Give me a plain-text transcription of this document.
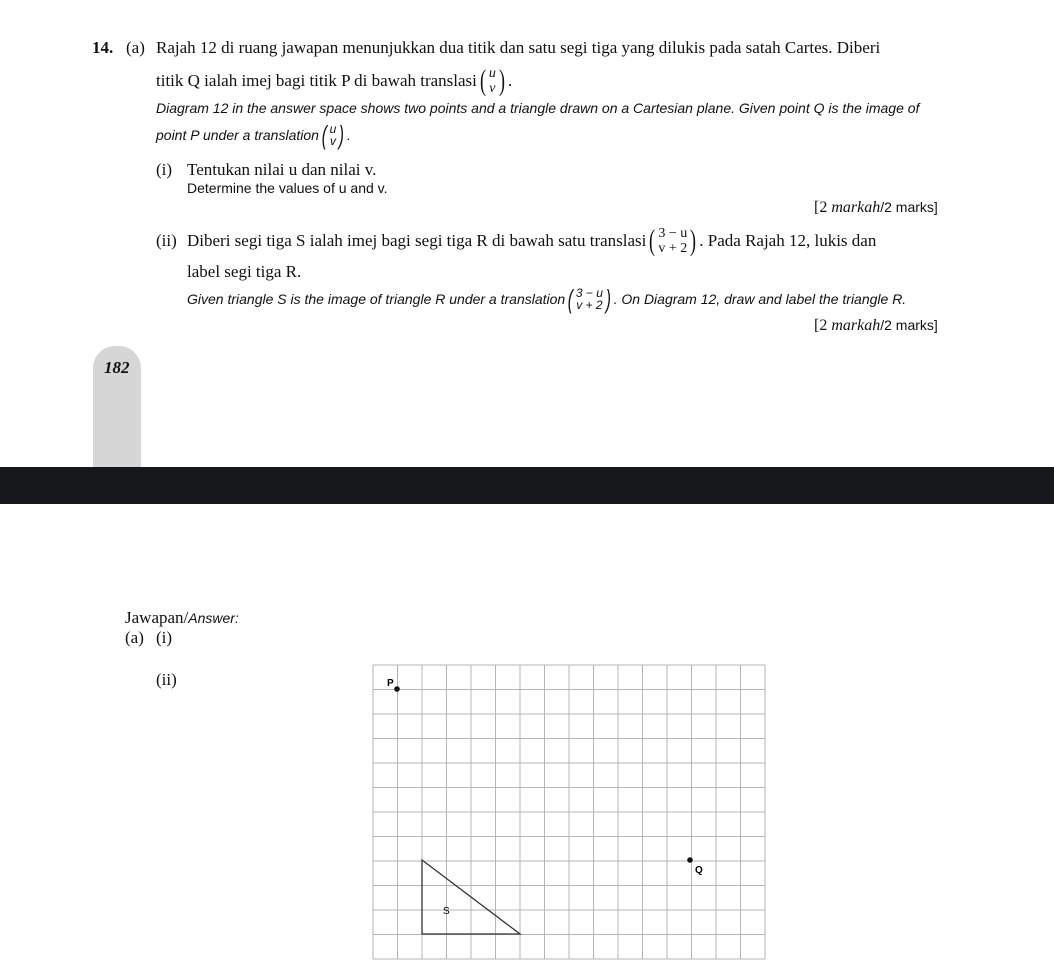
14. (a) Rajah 12 di ruang jawapan menunjukkan dua titik dan satu segi tiga yang dilukis pada satah Cartes. Diberi
titik Q ialah imej bagi titik P di bawah translasi ( u
v ) .
Diagram 12 in the answer space shows two points and a triangle drawn on a Cartesian plane. Given point Q is the image of
point P under a translation ( u
v ) .
(i) Tentukan nilai u dan nilai v.
Determine the values of u and v.
[2 markah/2 marks]
(ii) Diberi segi tiga S ialah imej bagi segi tiga R di bawah satu translasi ( 3 − u
v + 2 ) . Pada Rajah 12, lukis dan
label segi tiga R.
Given triangle S is the image of triangle R under a translation ( 3 − u
v + 2 ) . On Diagram 12, draw and label the triangle R.
[2 markah/2 marks]
182
Jawapan/Answer:
(a) (i)
(ii)	P
Q
S
